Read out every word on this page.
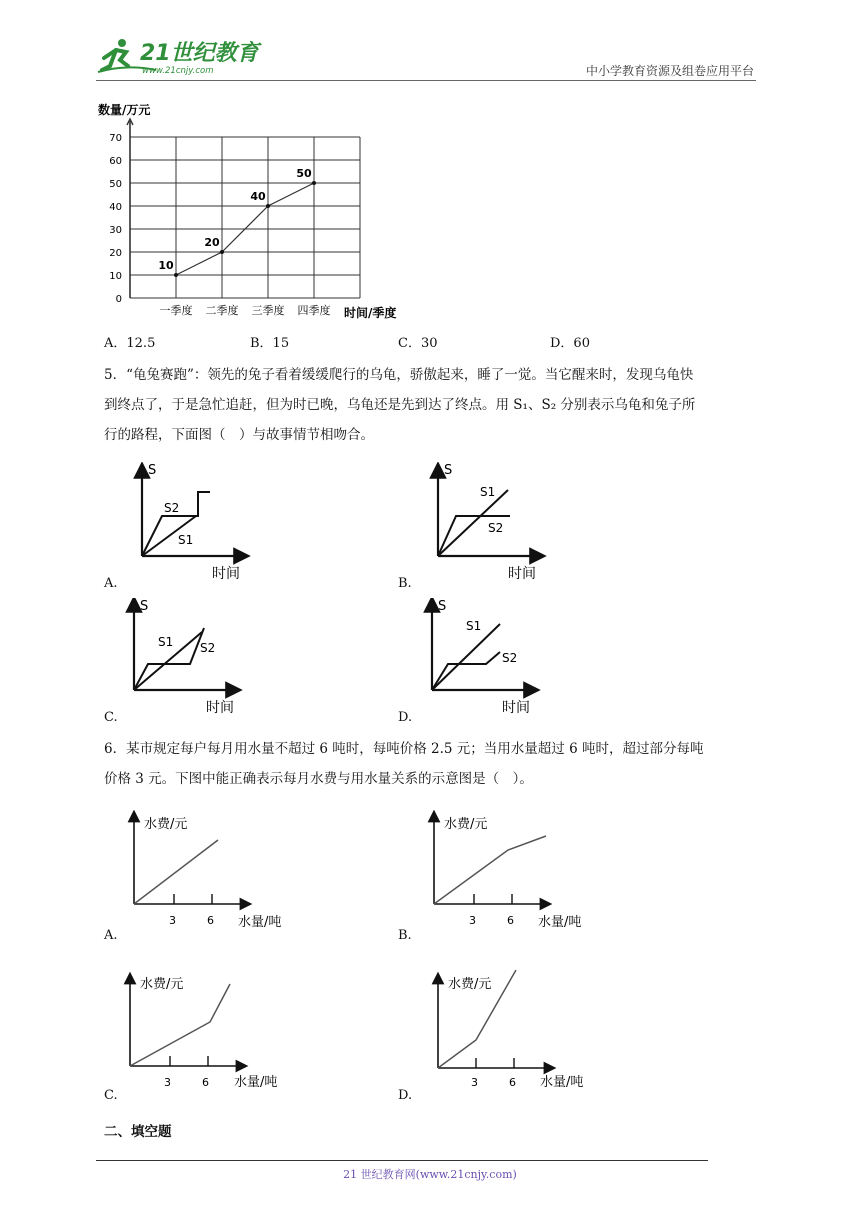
21世纪教育
www.21cnjy.com	中小学教育资源及组卷应用平台
0
10
20
30
40
50
60
70
一季度 二季度 三季度 四季度
10
20
40
50
数量/万元
时间/季度
A．12.5	B．15	C．30	D．60
5．“龟兔赛跑”：领先的兔子看着缓缓爬行的乌龟，骄傲起来，睡了一觉。当它醒来时，发现乌龟快
到终点了，于是急忙追赶，但为时已晚，乌龟还是先到达了终点。用 S₁、S₂ 分别表示乌龟和兔子所
行的路程，下面图（　）与故事情节相吻合。
S
时间
S2
S1
A.
S
时间
S1
S2
B.
S
时间
S1 S2
C.
S
时间
S1
S2
D.
6．某市规定每户每月用水量不超过 6 吨时，每吨价格 2.5 元；当用水量超过 6 吨时，超过部分每吨
价格 3 元。下图中能正确表示每月水费与用水量关系的示意图是（　）。
水费/元
3	6 水量/吨
A.
水费/元
3	6 水量/吨
B.
水费/元
3	6 水量/吨
C.
水费/元
3	6 水量/吨
D.
二、填空题
21 世纪教育网(www.21cnjy.com)
